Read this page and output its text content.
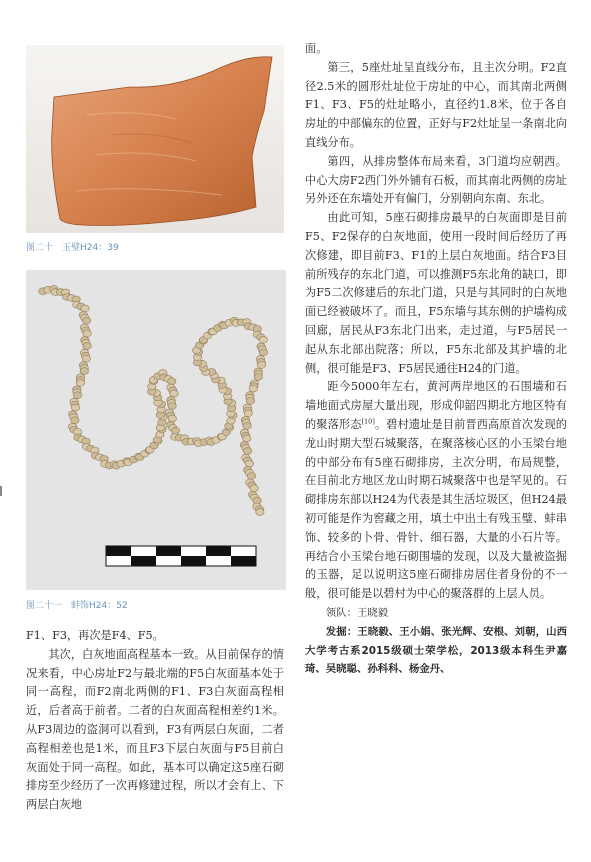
图二十　玉璧H24：39
CM
图二十一　蚌饰H24：52

F1、F3，再次是F4、F5。

其次，白灰地面高程基本一致。从目前保存的情况来看，中心房址F2与最北端的F5白灰面基本处于同一高程，而F2南北两侧的F1、F3白灰面高程相近，后者高于前者。二者的白灰面高程相差约1米。从F3周边的盗洞可以看到，F3有两层白灰面，二者高程相差也是1米，而且F3下层白灰面与F5目前白灰面处于同一高程。如此，基本可以确定这5座石砌排房至少经历了一次再修建过程，所以才会有上、下两层白灰地

面。

第三，5座灶址呈直线分布，且主次分明。F2直径2.5米的圆形灶址位于房址的中心，而其南北两侧F1、F3、F5的灶址略小，直径约1.8米，位于各自房址的中部偏东的位置，正好与F2灶址呈一条南北向直线分布。

第四，从排房整体布局来看，3门道均应朝西。中心大房F2西门外外铺有石板，而其南北两侧的房址另外还在东墙处开有偏门，分别朝向东南、东北。

由此可知，5座石砌排房最早的白灰面即是目前F5、F2保存的白灰地面，使用一段时间后经历了再次修建，即目前F3、F1的上层白灰地面。结合F3目前所残存的东北门道，可以推测F5东北角的缺口，即为F5二次修建后的东北门道，只是与其同时的白灰地面已经被破坏了。而且，F5东墙与其东侧的护墙构成回廊，居民从F3东北门出来，走过道，与F5居民一起从东北部出院落；所以，F5东北部及其护墙的北侧，很可能是F3、F5居民通往H24的门道。

距今5000年左右，黄河两岸地区的石围墙和石墙地面式房屋大量出现，形成仰韶四期北方地区特有的聚落形态[10]。碧村遗址是目前晋西高原首次发现的龙山时期大型石城聚落，在聚落核心区的小玉梁台地的中部分布有5座石砌排房，主次分明，布局规整，在目前北方地区龙山时期石城聚落中也是罕见的。石砌排房东部以H24为代表是其生活垃圾区，但H24最初可能是作为窖藏之用，填土中出土有残玉璧、蚌串饰、较多的卜骨、骨针、细石器，大量的小石片等。再结合小玉梁台地石砌围墙的发现，以及大量被盗掘的玉器，足以说明这5座石砌排房居住者身份的不一般，很可能是以碧村为中心的聚落群的上层人员。

领队：王晓毅

发掘：王晓毅、王小娟、张光辉、安根、刘朝，山西大学考古系2015级硕士荣学松，2013级本科生尹嘉琦、吴晓聪、孙科科、杨金丹、
